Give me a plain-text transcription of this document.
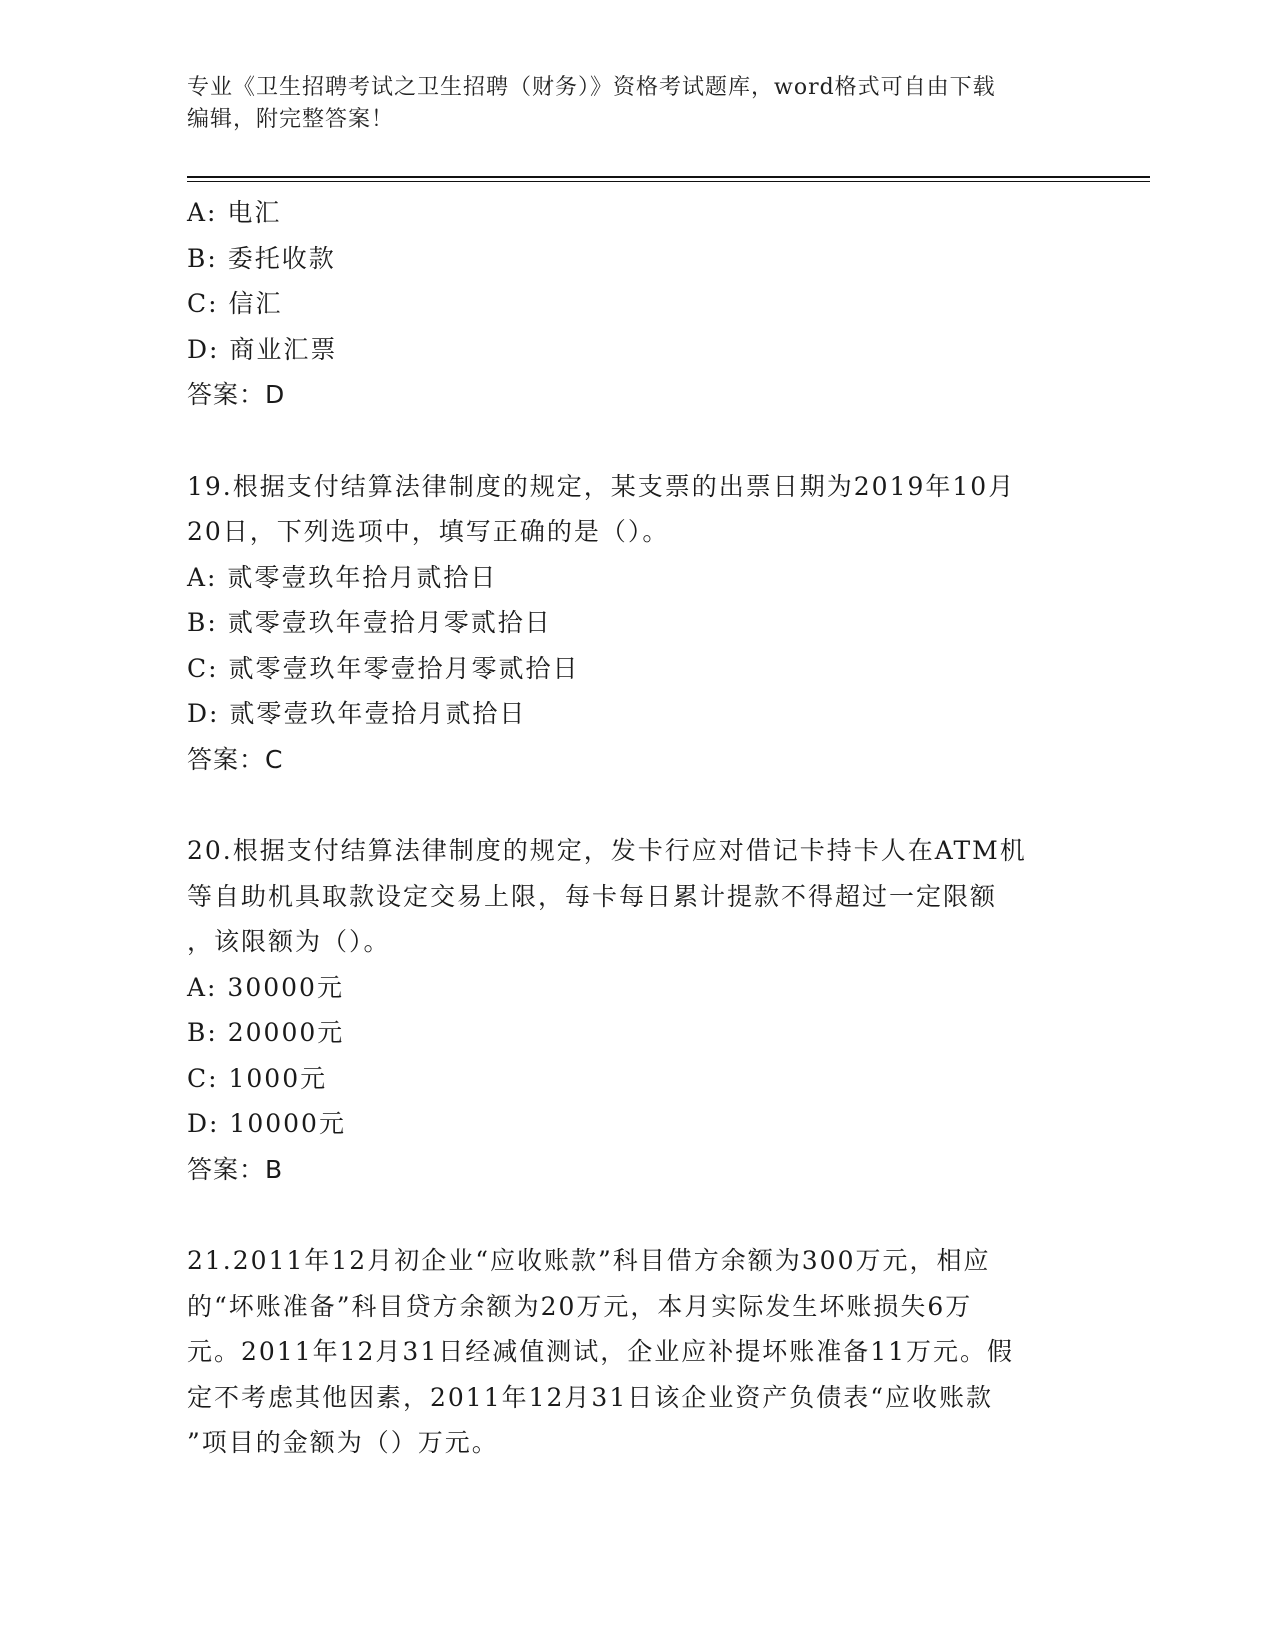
专业《卫生招聘考试之卫生招聘（财务）》资格考试题库，word格式可自由下载
编辑，附完整答案！
A: 电汇
B: 委托收款
C: 信汇
D: 商业汇票
答案：D
19.根据支付结算法律制度的规定，某支票的出票日期为2019年10月
20日，下列选项中，填写正确的是（）。
A: 贰零壹玖年拾月贰拾日
B: 贰零壹玖年壹拾月零贰拾日
C: 贰零壹玖年零壹拾月零贰拾日
D: 贰零壹玖年壹拾月贰拾日
答案：C
20.根据支付结算法律制度的规定，发卡行应对借记卡持卡人在ATM机
等自助机具取款设定交易上限，每卡每日累计提款不得超过一定限额
，该限额为（）。
A: 30000元
B: 20000元
C: 1000元
D: 10000元
答案：B
21.2011年12月初企业“应收账款”科目借方余额为300万元，相应
的“坏账准备”科目贷方余额为20万元，本月实际发生坏账损失6万
元。2011年12月31日经减值测试，企业应补提坏账准备11万元。假
定不考虑其他因素，2011年12月31日该企业资产负债表“应收账款
”项目的金额为（）万元。
